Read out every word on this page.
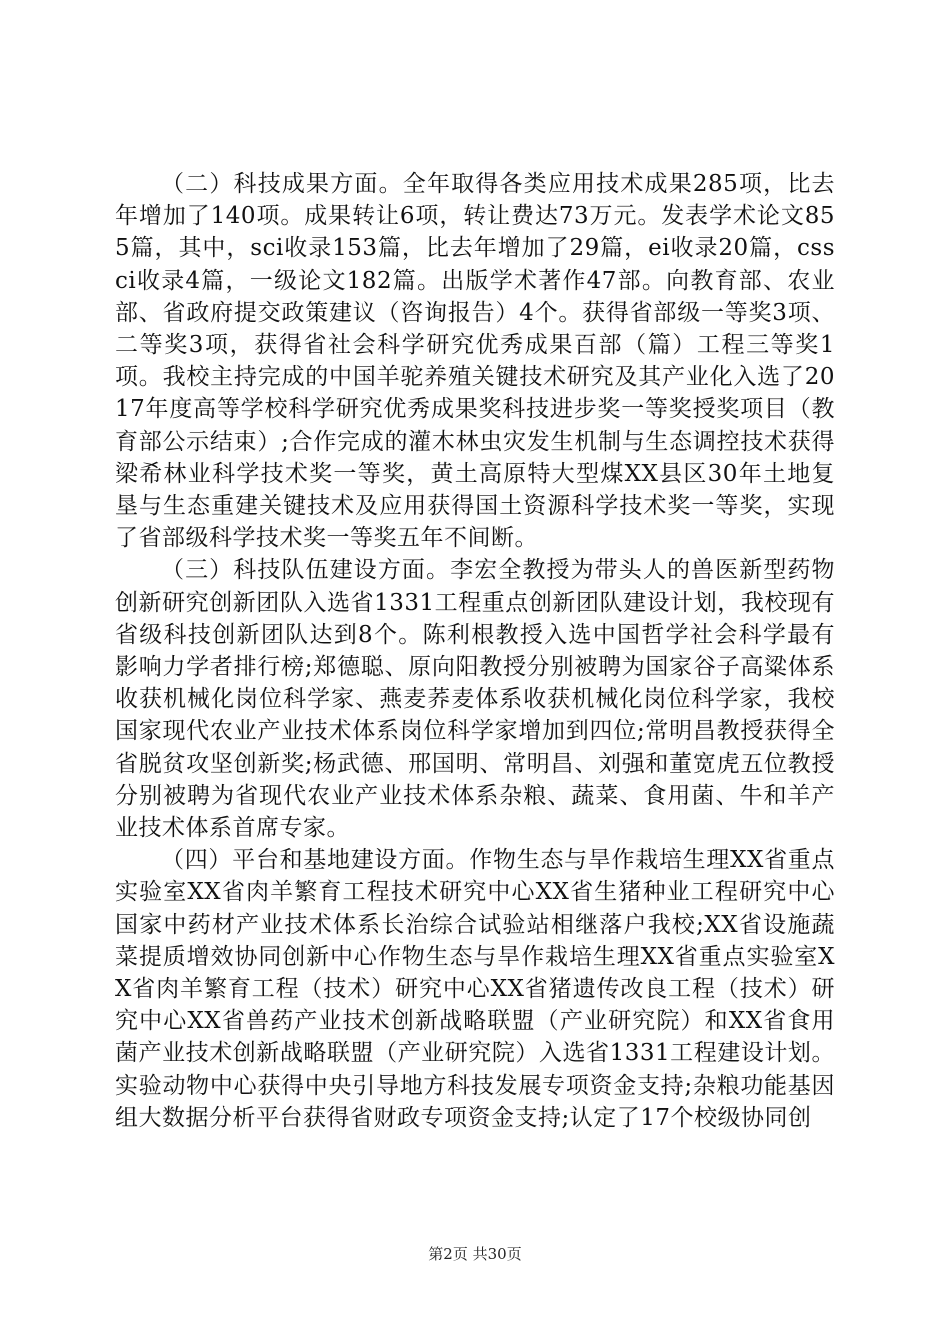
（二）科技成果方面。全年取得各类应用技术成果285项，比去年增加了140项。成果转让6项，转让费达73万元。发表学术论文855篇，其中，sci收录153篇，比去年增加了29篇，ei收录20篇，cssci收录4篇，一级论文182篇。出版学术著作47部。向教育部、农业部、省政府提交政策建议（咨询报告）4个。获得省部级一等奖3项、二等奖3项，获得省社会科学研究优秀成果百部（篇）工程三等奖1项。我校主持完成的中国羊驼养殖关键技术研究及其产业化入选了2017年度高等学校科学研究优秀成果奖科技进步奖一等奖授奖项目（教育部公示结束）;合作完成的灌木林虫灾发生机制与生态调控技术获得梁希林业科学技术奖一等奖，黄土高原特大型煤XX县区30年土地复垦与生态重建关键技术及应用获得国土资源科学技术奖一等奖，实现了省部级科学技术奖一等奖五年不间断。

（三）科技队伍建设方面。李宏全教授为带头人的兽医新型药物创新研究创新团队入选省1331工程重点创新团队建设计划，我校现有省级科技创新团队达到8个。陈利根教授入选中国哲学社会科学最有影响力学者排行榜;郑德聪、原向阳教授分别被聘为国家谷子高粱体系收获机械化岗位科学家、燕麦荞麦体系收获机械化岗位科学家，我校国家现代农业产业技术体系岗位科学家增加到四位;常明昌教授获得全省脱贫攻坚创新奖;杨武德、邢国明、常明昌、刘强和董宽虎五位教授分别被聘为省现代农业产业技术体系杂粮、蔬菜、食用菌、牛和羊产业技术体系首席专家。

（四）平台和基地建设方面。作物生态与旱作栽培生理XX省重点实验室XX省肉羊繁育工程技术研究中心XX省生猪种业工程研究中心国家中药材产业技术体系长治综合试验站相继落户我校;XX省设施蔬菜提质增效协同创新中心作物生态与旱作栽培生理XX省重点实验室XX省肉羊繁育工程（技术）研究中心XX省猪遗传改良工程（技术）研究中心XX省兽药产业技术创新战略联盟（产业研究院）和XX省食用菌产业技术创新战略联盟（产业研究院）入选省1331工程建设计划。实验动物中心获得中央引导地方科技发展专项资金支持;杂粮功能基因组大数据分析平台获得省财政专项资金支持;认定了17个校级协同创

第2页 共30页
